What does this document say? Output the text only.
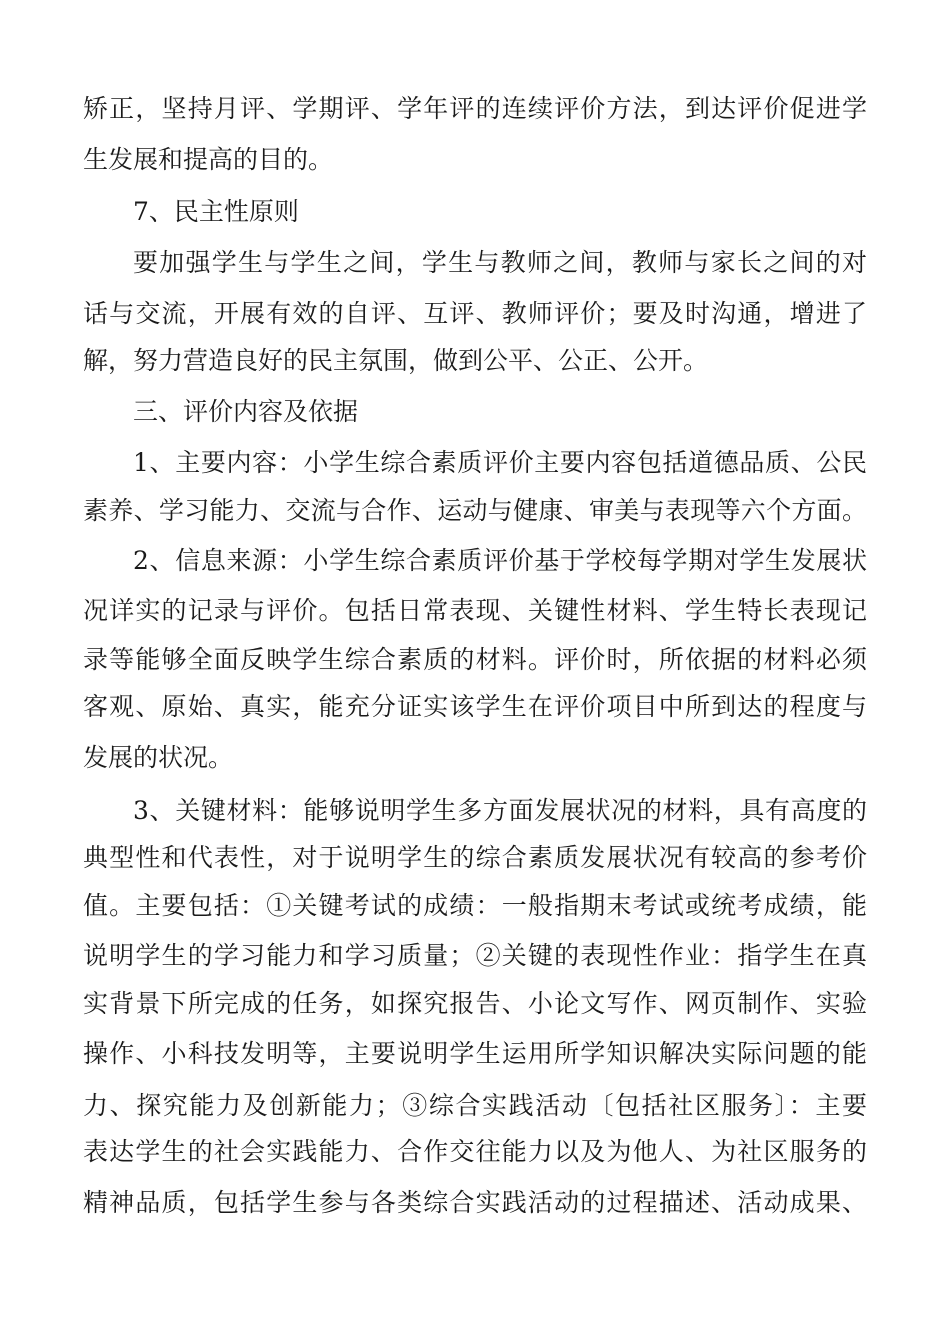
矫正，坚持月评、学期评、学年评的连续评价方法，到达评价促进学
生发展和提高的目的。
7、民主性原则
要加强学生与学生之间，学生与教师之间，教师与家长之间的对
话与交流，开展有效的自评、互评、教师评价；要及时沟通，增进了
解，努力营造良好的民主氛围，做到公平、公正、公开。
三、评价内容及依据
1、主要内容：小学生综合素质评价主要内容包括道德品质、公民
素养、学习能力、交流与合作、运动与健康、审美与表现等六个方面。
2、信息来源：小学生综合素质评价基于学校每学期对学生发展状
况详实的记录与评价。包括日常表现、关键性材料、学生特长表现记
录等能够全面反映学生综合素质的材料。评价时，所依据的材料必须
客观、原始、真实，能充分证实该学生在评价项目中所到达的程度与
发展的状况。
3、关键材料：能够说明学生多方面发展状况的材料，具有高度的
典型性和代表性，对于说明学生的综合素质发展状况有较高的参考价
值。主要包括：①关键考试的成绩：一般指期末考试或统考成绩，能
说明学生的学习能力和学习质量；②关键的表现性作业：指学生在真
实背景下所完成的任务，如探究报告、小论文写作、网页制作、实验
操作、小科技发明等，主要说明学生运用所学知识解决实际问题的能
力、探究能力及创新能力；③综合实践活动〔包括社区服务〕：主要
表达学生的社会实践能力、合作交往能力以及为他人、为社区服务的
精神品质，包括学生参与各类综合实践活动的过程描述、活动成果、
